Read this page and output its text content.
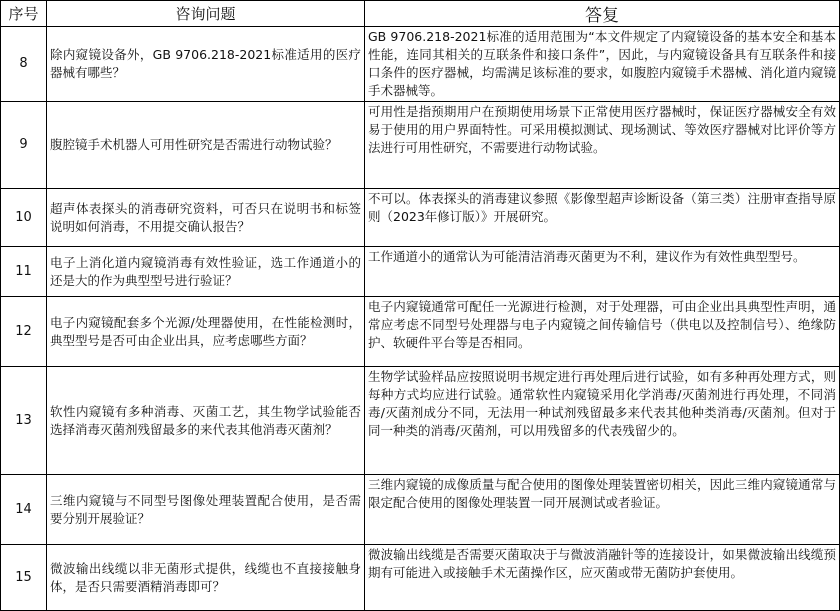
序号	咨询问题	答复
8	除内窥镜设备外，GB 9706.218-2021标准适用的医疗器械有哪些？	GB 9706.218-2021标准的适用范围为“本文件规定了内窥镜设备的基本安全和基本性能，连同其相关的互联条件和接口条件”，因此，与内窥镜设备具有互联条件和接口条件的医疗器械，均需满足该标准的要求，如腹腔内窥镜手术器械、消化道内窥镜手术器械等。
9	腹腔镜手术机器人可用性研究是否需进行动物试验？	可用性是指预期用户在预期使用场景下正常使用医疗器械时，保证医疗器械安全有效易于使用的用户界面特性。可采用模拟测试、现场测试、等效医疗器械对比评价等方法进行可用性研究，不需要进行动物试验。
10	超声体表探头的消毒研究资料，可否只在说明书和标签说明如何消毒，不用提交确认报告？	不可以。体表探头的消毒建议参照《影像型超声诊断设备（第三类）注册审查指导原则（2023年修订版）》开展研究。
11	电子上消化道内窥镜消毒有效性验证，选工作通道小的还是大的作为典型型号进行验证？	工作通道小的通常认为可能清洁消毒灭菌更为不利，建议作为有效性典型型号。
12	电子内窥镜配套多个光源/处理器使用，在性能检测时，典型型号是否可由企业出具，应考虑哪些方面？	电子内窥镜通常可配任一光源进行检测，对于处理器，可由企业出具典型性声明，通常应考虑不同型号处理器与电子内窥镜之间传输信号（供电以及控制信号）、绝缘防护、软硬件平台等是否相同。
13	软性内窥镜有多种消毒、灭菌工艺，其生物学试验能否选择消毒灭菌剂残留最多的来代表其他消毒灭菌剂？	生物学试验样品应按照说明书规定进行再处理后进行试验，如有多种再处理方式，则每种方式均应进行试验。通常软性内窥镜采用化学消毒/灭菌剂进行再处理，不同消毒/灭菌剂成分不同，无法用一种试剂残留最多来代表其他种类消毒/灭菌剂。但对于同一种类的消毒/灭菌剂，可以用残留多的代表残留少的。
14	三维内窥镜与不同型号图像处理装置配合使用，是否需要分别开展验证？	三维内窥镜的成像质量与配合使用的图像处理装置密切相关，因此三维内窥镜通常与限定配合使用的图像处理装置一同开展测试或者验证。
15	微波输出线缆以非无菌形式提供，线缆也不直接接触身体，是否只需要酒精消毒即可？	微波输出线缆是否需要灭菌取决于与微波消融针等的连接设计，如果微波输出线缆预期有可能进入或接触手术无菌操作区，应灭菌或带无菌防护套使用。
